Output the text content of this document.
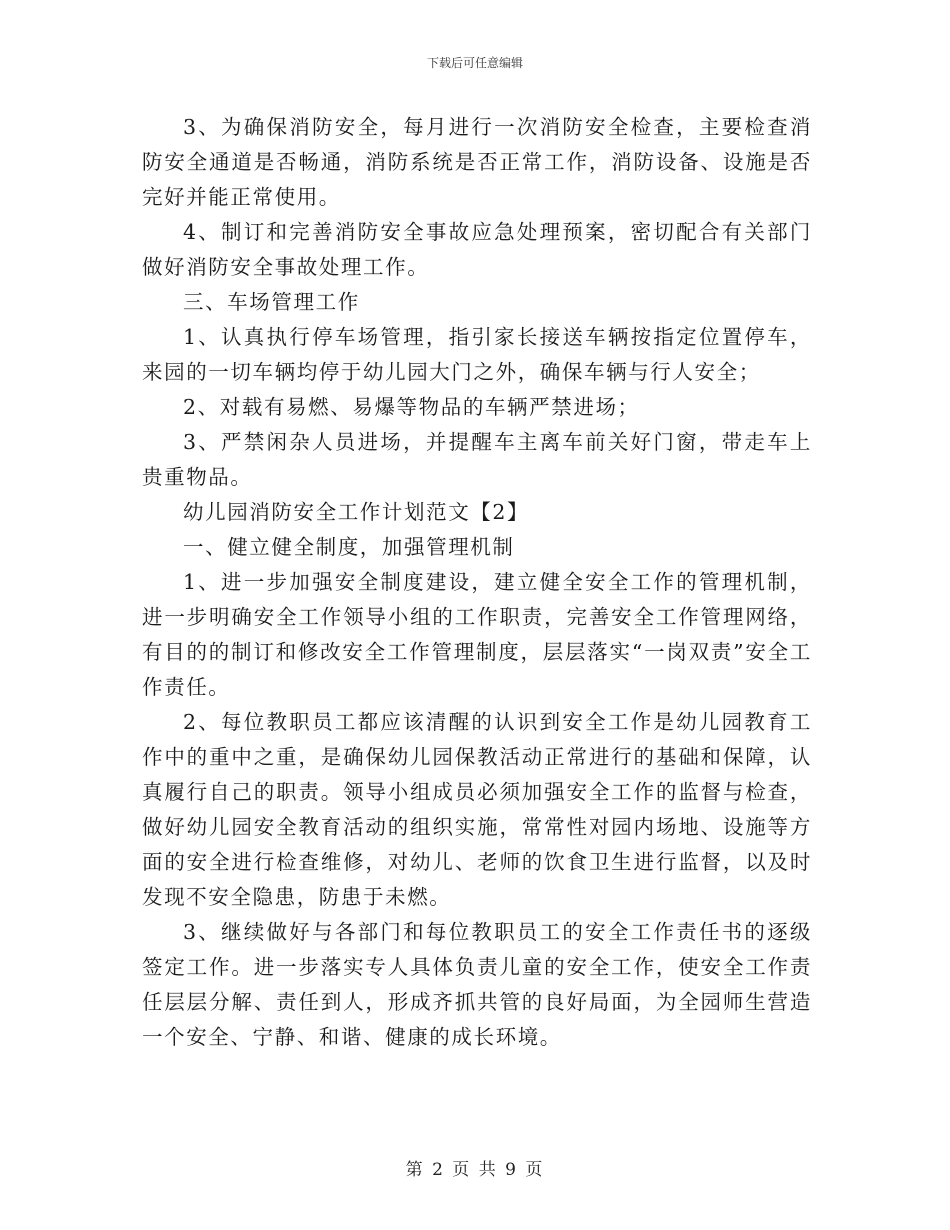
下载后可任意编辑

3、为确保消防安全，每月进行一次消防安全检查，主要检查消防安全通道是否畅通，消防系统是否正常工作，消防设备、设施是否完好并能正常使用。

4、制订和完善消防安全事故应急处理预案，密切配合有关部门做好消防安全事故处理工作。

三、车场管理工作

1、认真执行停车场管理，指引家长接送车辆按指定位置停车，来园的一切车辆均停于幼儿园大门之外，确保车辆与行人安全；

2、对载有易燃、易爆等物品的车辆严禁进场；

3、严禁闲杂人员进场，并提醒车主离车前关好门窗，带走车上贵重物品。

幼儿园消防安全工作计划范文【2】

一、健立健全制度，加强管理机制

1、进一步加强安全制度建设，建立健全安全工作的管理机制，进一步明确安全工作领导小组的工作职责，完善安全工作管理网络，有目的的制订和修改安全工作管理制度，层层落实“一岗双责”安全工作责任。

2、每位教职员工都应该清醒的认识到安全工作是幼儿园教育工作中的重中之重，是确保幼儿园保教活动正常进行的基础和保障，认真履行自己的职责。领导小组成员必须加强安全工作的监督与检查，做好幼儿园安全教育活动的组织实施，常常性对园内场地、设施等方面的安全进行检查维修，对幼儿、老师的饮食卫生进行监督，以及时发现不安全隐患，防患于未燃。

3、继续做好与各部门和每位教职员工的安全工作责任书的逐级签定工作。进一步落实专人具体负责儿童的安全工作，使安全工作责任层层分解、责任到人，形成齐抓共管的良好局面，为全园师生营造一个安全、宁静、和谐、健康的成长环境。

第 2 页 共 9 页
